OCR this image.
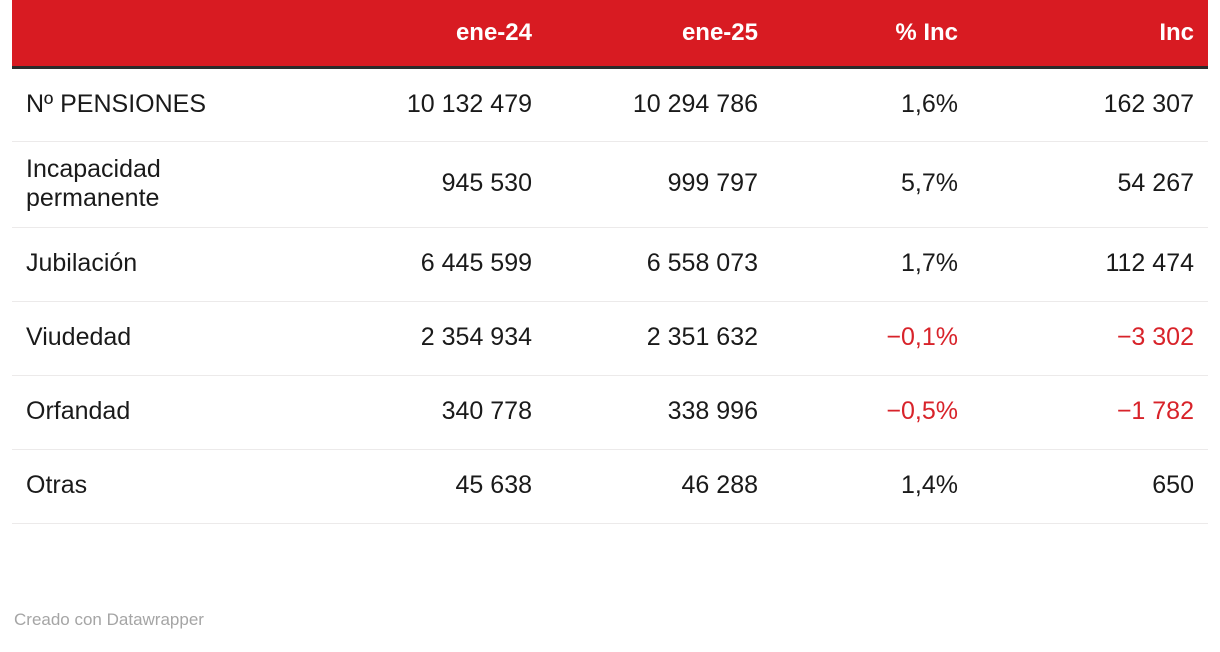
	ene-24	ene-25	% Inc	Inc
Nº PENSIONES	10 132 479	10 294 786	1,6%	162 307

Incapacidad
permanente	945 530	999 797	5,7%	54 267
Jubilación	6 445 599	6 558 073	1,7%	112 474
Viudedad	2 354 934	2 351 632	−0,1%	−3 302
Orfandad	340 778	338 996	−0,5%	−1 782
Otras	45 638	46 288	1,4%	650
Creado con Datawrapper
